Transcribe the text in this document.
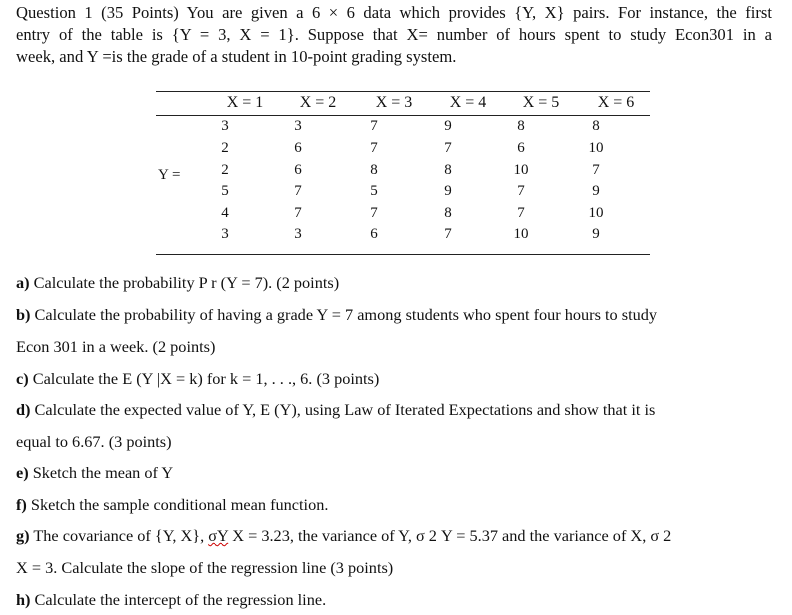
Question 1 (35 Points) You are given a 6 × 6 data which provides {Y, X} pairs. For instance, the first
entry of the table is {Y = 3, X = 1}. Suppose that X= number of hours spent to study Econ301 in a
week, and Y =is the grade of a student in 10-point grading system.
X = 1	X = 2	X = 3	X = 4	X = 5	X = 6
Y =
3	3	7	9	8	8
2	6	7	7	6	10
2	6	8	8	10	7
5	7	5	9	7	9
4	7	7	8	7	10
3	3	6	7	10	9
a) Calculate the probability P r (Y = 7). (2 points)
b) Calculate the probability of having a grade Y = 7 among students who spent four hours to study
Econ 301 in a week. (2 points)
c) Calculate the E (Y |X = k) for k = 1, . . ., 6. (3 points)
d) Calculate the expected value of Y, E (Y), using Law of Iterated Expectations and show that it is
equal to 6.67. (3 points)
e) Sketch the mean of Y
f) Sketch the sample conditional mean function.
g) The covariance of {Y, X}, σY X = 3.23, the variance of Y, σ 2 Y = 5.37 and the variance of X, σ 2
X = 3. Calculate the slope of the regression line (3 points)
h) Calculate the intercept of the regression line.
